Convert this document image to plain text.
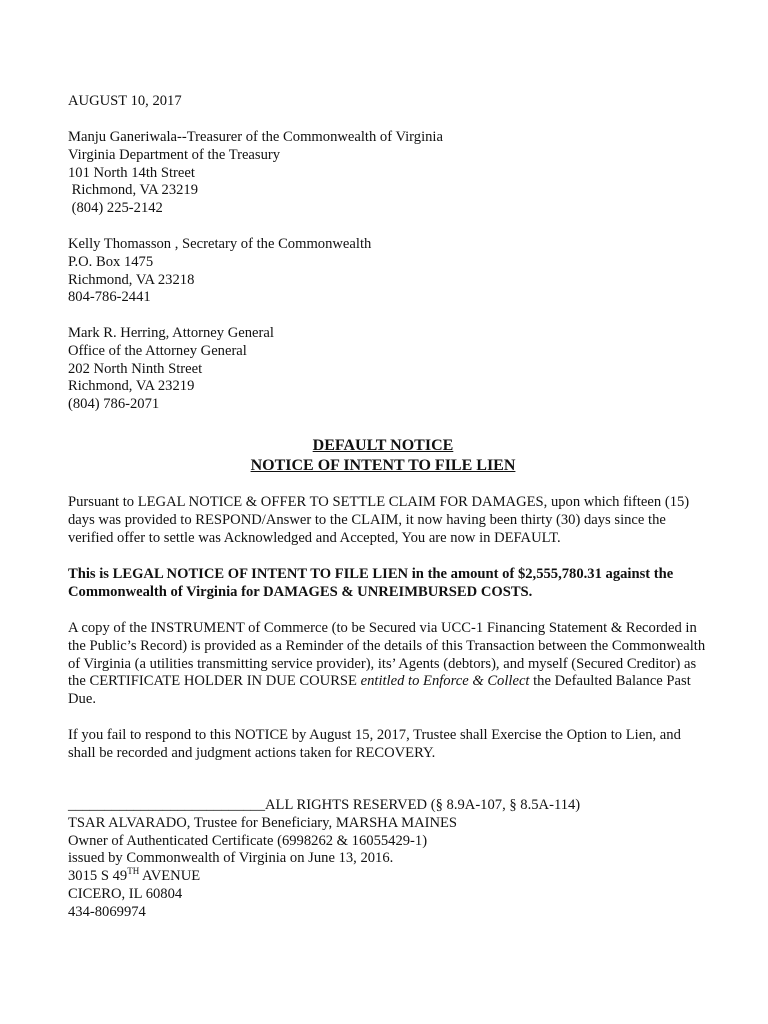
AUGUST 10, 2017
Manju Ganeriwala--Treasurer of the Commonwealth of Virginia
Virginia Department of the Treasury
101 North 14th Street
Richmond, VA 23219
(804) 225-2142
Kelly Thomasson , Secretary of the Commonwealth
P.O. Box 1475
Richmond, VA 23218
804-786-2441
Mark R. Herring, Attorney General
Office of the Attorney General
202 North Ninth Street
Richmond, VA 23219
(804) 786-2071
DEFAULT NOTICE
NOTICE OF INTENT TO FILE LIEN
Pursuant to LEGAL NOTICE & OFFER TO SETTLE CLAIM FOR DAMAGES, upon which fifteen (15) days was provided to RESPOND/Answer to the CLAIM, it now having been thirty (30) days since the verified offer to settle was Acknowledged and Accepted, You are now in DEFAULT.
This is LEGAL NOTICE OF INTENT TO FILE LIEN in the amount of $2,555,780.31 against the Commonwealth of Virginia for DAMAGES & UNREIMBURSED COSTS.
A copy of the INSTRUMENT of Commerce (to be Secured via UCC-1 Financing Statement & Recorded in the Public’s Record) is provided as a Reminder of the details of this Transaction between the Commonwealth of Virginia (a utilities transmitting service provider), its’ Agents (debtors), and myself (Secured Creditor) as the CERTIFICATE HOLDER IN DUE COURSE entitled to Enforce & Collect the Defaulted Balance Past Due.
If you fail to respond to this NOTICE by August 15, 2017, Trustee shall Exercise the Option to Lien, and shall be recorded and judgment actions taken for RECOVERY.
___________________________ALL RIGHTS RESERVED (§ 8.9A-107, § 8.5A-114)
TSAR ALVARADO, Trustee for Beneficiary, MARSHA MAINES
Owner of Authenticated Certificate (6998262 & 16055429-1)
issued by Commonwealth of Virginia on June 13, 2016.
3015 S 49TH AVENUE
CICERO, IL 60804
434-8069974
